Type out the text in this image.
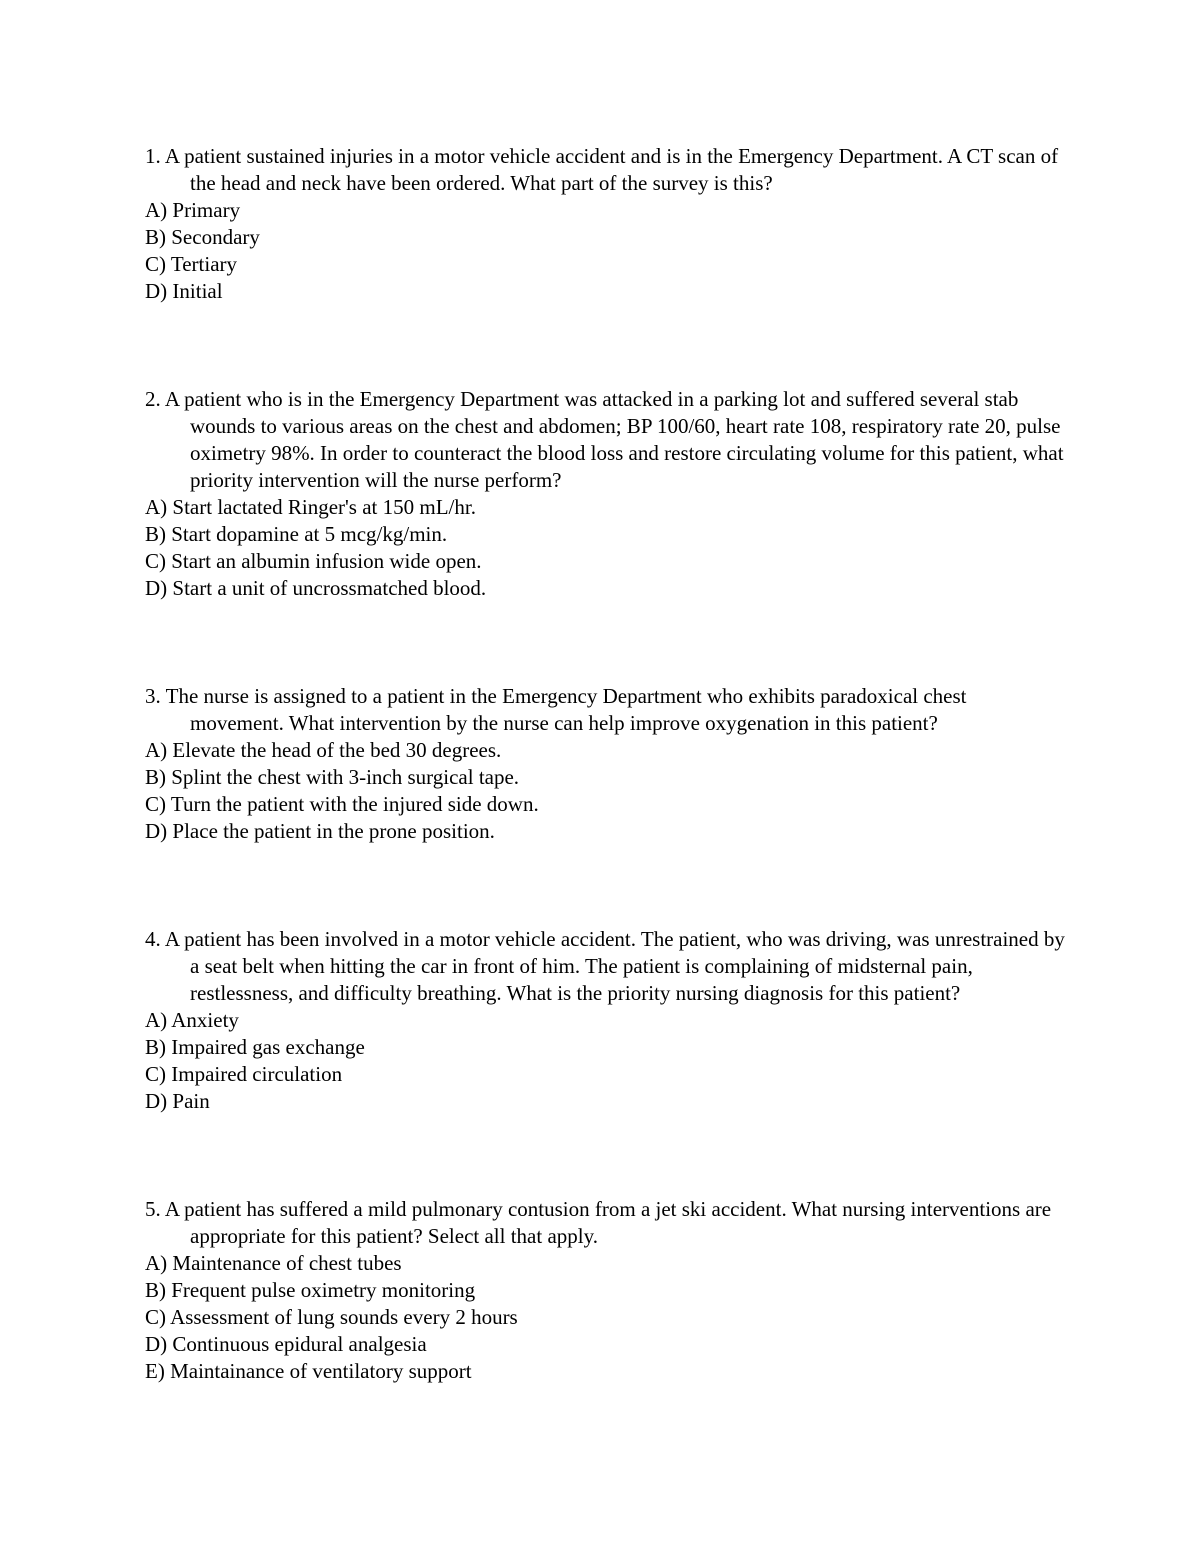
1. A patient sustained injuries in a motor vehicle accident and is in the Emergency Department. A CT scan of the head and neck have been ordered. What part of the survey is this?

A) Primary
B) Secondary
C) Tertiary
D) Initial

2. A patient who is in the Emergency Department was attacked in a parking lot and suffered several stab wounds to various areas on the chest and abdomen; BP 100/60, heart rate 108, respiratory rate 20, pulse oximetry 98%. In order to counteract the blood loss and restore circulating volume for this patient, what priority intervention will the nurse perform?

A) Start lactated Ringer's at 150 mL/hr.
B) Start dopamine at 5 mcg/kg/min.
C) Start an albumin infusion wide open.
D) Start a unit of uncrossmatched blood.

3. The nurse is assigned to a patient in the Emergency Department who exhibits paradoxical chest movement. What intervention by the nurse can help improve oxygenation in this patient?

A) Elevate the head of the bed 30 degrees.
B) Splint the chest with 3-inch surgical tape.
C) Turn the patient with the injured side down.
D) Place the patient in the prone position.

4. A patient has been involved in a motor vehicle accident. The patient, who was driving, was unrestrained by a seat belt when hitting the car in front of him. The patient is complaining of midsternal pain, restlessness, and difficulty breathing. What is the priority nursing diagnosis for this patient?

A) Anxiety
B) Impaired gas exchange
C) Impaired circulation
D) Pain

5. A patient has suffered a mild pulmonary contusion from a jet ski accident. What nursing interventions are appropriate for this patient? Select all that apply.

A) Maintenance of chest tubes
B) Frequent pulse oximetry monitoring
C) Assessment of lung sounds every 2 hours
D) Continuous epidural analgesia
E) Maintainance of ventilatory support
